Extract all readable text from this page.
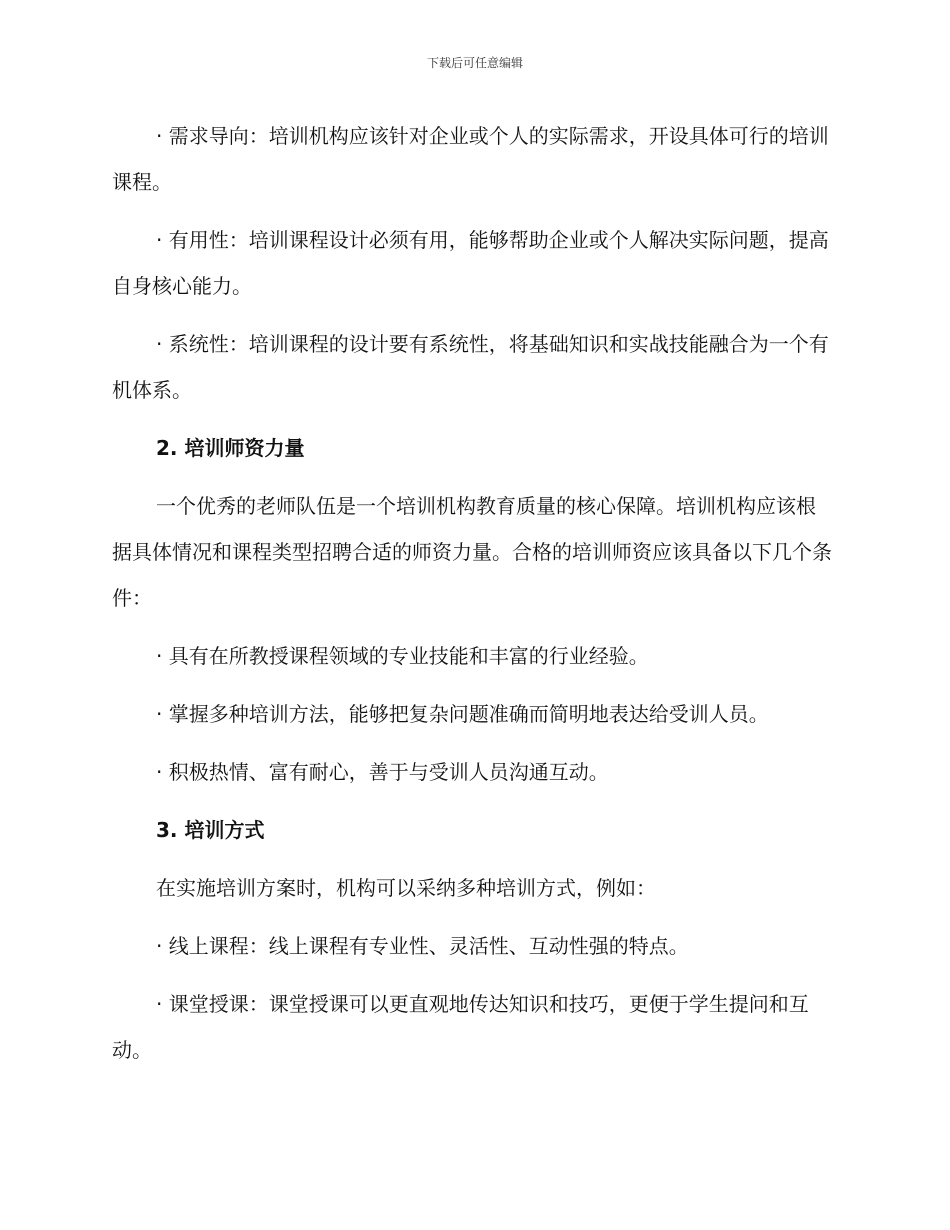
下载后可任意编辑

· 需求导向：培训机构应该针对企业或个人的实际需求，开设具体可行的培训课程。

· 有用性：培训课程设计必须有用，能够帮助企业或个人解决实际问题，提高自身核心能力。

· 系统性：培训课程的设计要有系统性，将基础知识和实战技能融合为一个有机体系。

2. 培训师资力量

一个优秀的老师队伍是一个培训机构教育质量的核心保障。培训机构应该根据具体情况和课程类型招聘合适的师资力量。合格的培训师资应该具备以下几个条件：

· 具有在所教授课程领域的专业技能和丰富的行业经验。

· 掌握多种培训方法，能够把复杂问题准确而简明地表达给受训人员。

· 积极热情、富有耐心，善于与受训人员沟通互动。

3. 培训方式

在实施培训方案时，机构可以采纳多种培训方式，例如：

· 线上课程：线上课程有专业性、灵活性、互动性强的特点。

· 课堂授课：课堂授课可以更直观地传达知识和技巧，更便于学生提问和互动。
